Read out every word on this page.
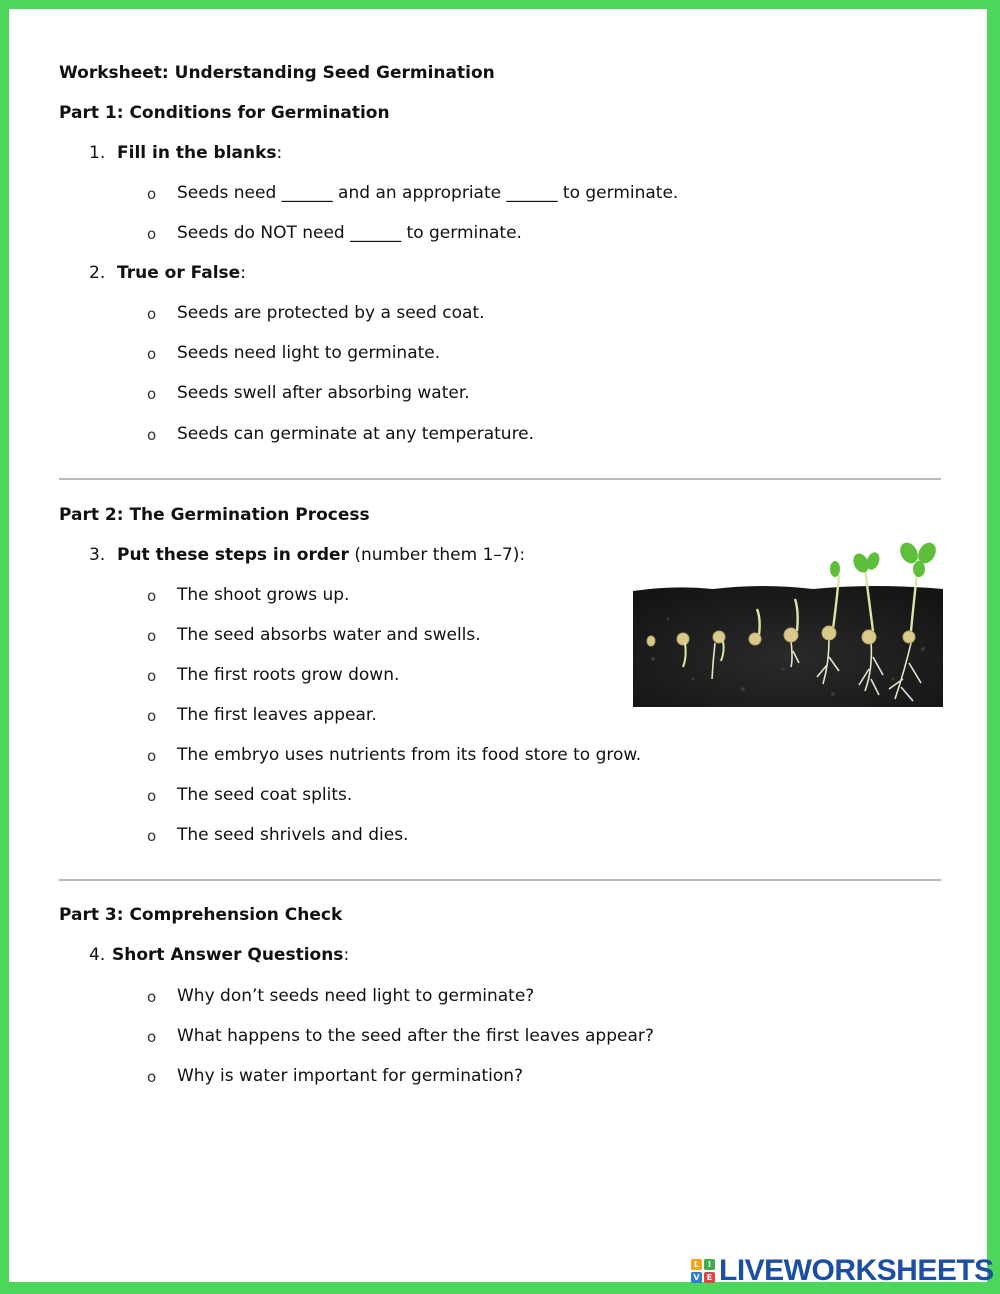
Worksheet: Understanding Seed Germination
Part 1: Conditions for Germination
1. Fill in the blanks:
o Seeds need ______ and an appropriate ______ to germinate.
o Seeds do NOT need ______ to germinate.
2. True or False:
o Seeds are protected by a seed coat.
o Seeds need light to germinate.
o Seeds swell after absorbing water.
o Seeds can germinate at any temperature.
Part 2: The Germination Process
3. Put these steps in order (number them 1–7):
o The shoot grows up.
o The seed absorbs water and swells.
o The first roots grow down.
o The first leaves appear.
o The embryo uses nutrients from its food store to grow.
o The seed coat splits.
o The seed shrivels and dies.
Part 3: Comprehension Check
4. Short Answer Questions:
o Why don’t seeds need light to germinate?
o What happens to the seed after the first leaves appear?
o Why is water important for germination?
L	I
V E LIVEWORKSHEETS
